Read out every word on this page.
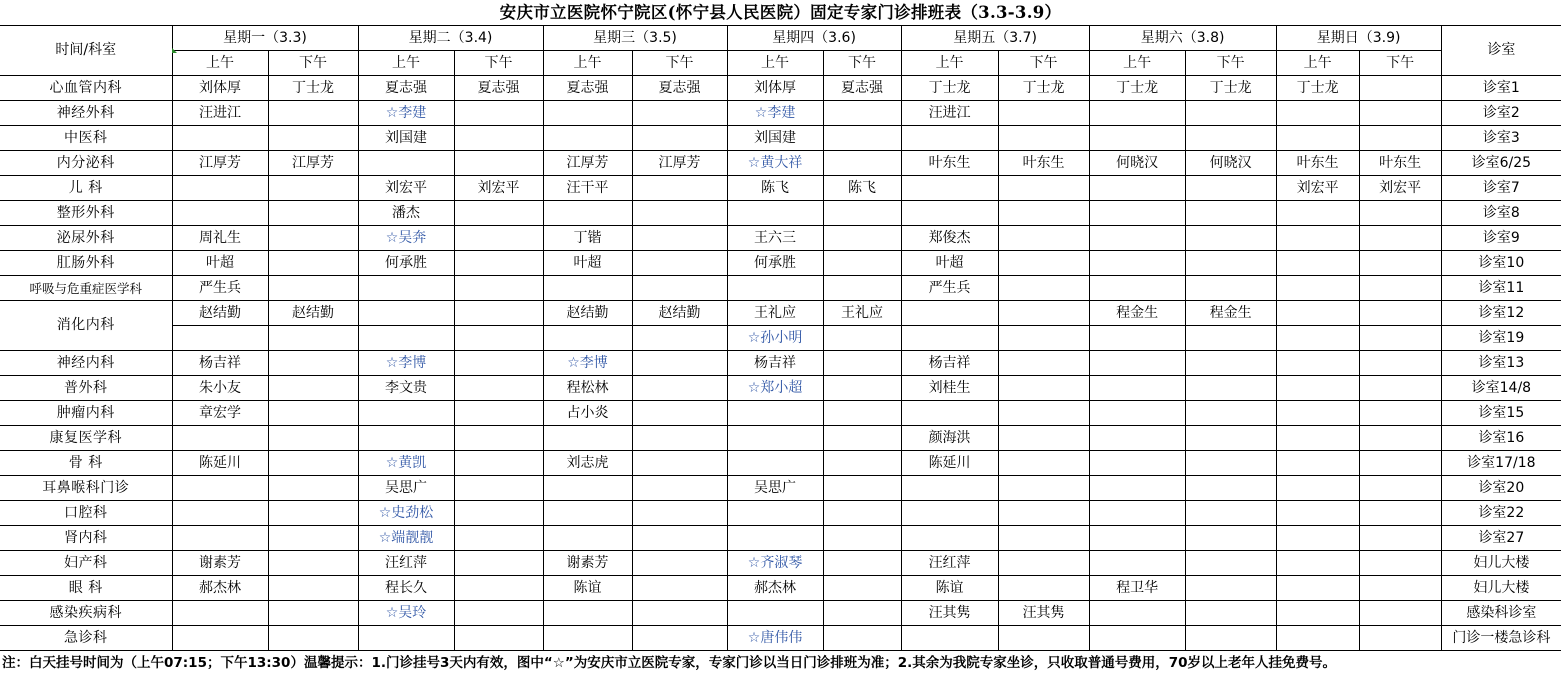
安庆市立医院怀宁院区(怀宁县人民医院）固定专家门诊排班表（3.3-3.9）
时间/科室	星期一（3.3)		星期二（3.4)		星期三（3.5)		星期四（3.6)		星期五（3.7)		星期六（3.8)		星期日（3.9)		诊室
	上午	下午	上午	下午	上午	下午	上午	下午	上午	下午	上午	下午	上午	下午	
心血管内科	刘体厚	丁士龙	夏志强	夏志强	夏志强	夏志强	刘体厚	夏志强	丁士龙	丁士龙	丁士龙	丁士龙	丁士龙		诊室1
神经外科	汪进江		☆李建				☆李建		汪进江						诊室2
中医科			刘国建				刘国建								诊室3
内分泌科	江厚芳	江厚芳			江厚芳	江厚芳	☆黄大祥		叶东生	叶东生	何晓汉	何晓汉	叶东生	叶东生	诊室6/25
儿 科			刘宏平	刘宏平	汪干平		陈飞	陈飞					刘宏平	刘宏平	诊室7
整形外科			潘杰												诊室8
泌尿外科	周礼生		☆吴奔		丁锴		王六三		郑俊杰						诊室9
肛肠外科	叶超		何承胜		叶超		何承胜		叶超						诊室10
呼吸与危重症医学科	严生兵								严生兵						诊室11
消化内科	赵结勤	赵结勤			赵结勤	赵结勤	王礼应	王礼应			程金生	程金生			诊室12
							☆孙小明								诊室19
神经内科	杨吉祥		☆李博		☆李博		杨吉祥		杨吉祥						诊室13
普外科	朱小友		李文贵		程松林		☆郑小超		刘桂生						诊室14/8
肿瘤内科	章宏学				占小炎										诊室15
康复医学科									颜海洪						诊室16
骨 科	陈延川		☆黄凯		刘志虎				陈延川						诊室17/18
耳鼻喉科门诊			吴思广				吴思广								诊室20
口腔科			☆史劲松												诊室22
肾内科			☆端靓靓												诊室27
妇产科	谢素芳		汪红萍		谢素芳		☆齐淑琴		汪红萍						妇儿大楼
眼 科	郝杰林		程长久		陈谊		郝杰林		陈谊		程卫华				妇儿大楼
感染疾病科			☆吴玲						汪其隽	汪其隽					感染科诊室
急诊科							☆唐伟伟								门诊一楼急诊科

注：白天挂号时间为（上午07:15；下午13:30）温馨提示：1.门诊挂号3天内有效，图中“☆”为安庆市立医院专家，专家门诊以当日门诊排班为准；2.其余为我院专家坐诊，只收取普通号费用，70岁以上老年人挂免费号。
